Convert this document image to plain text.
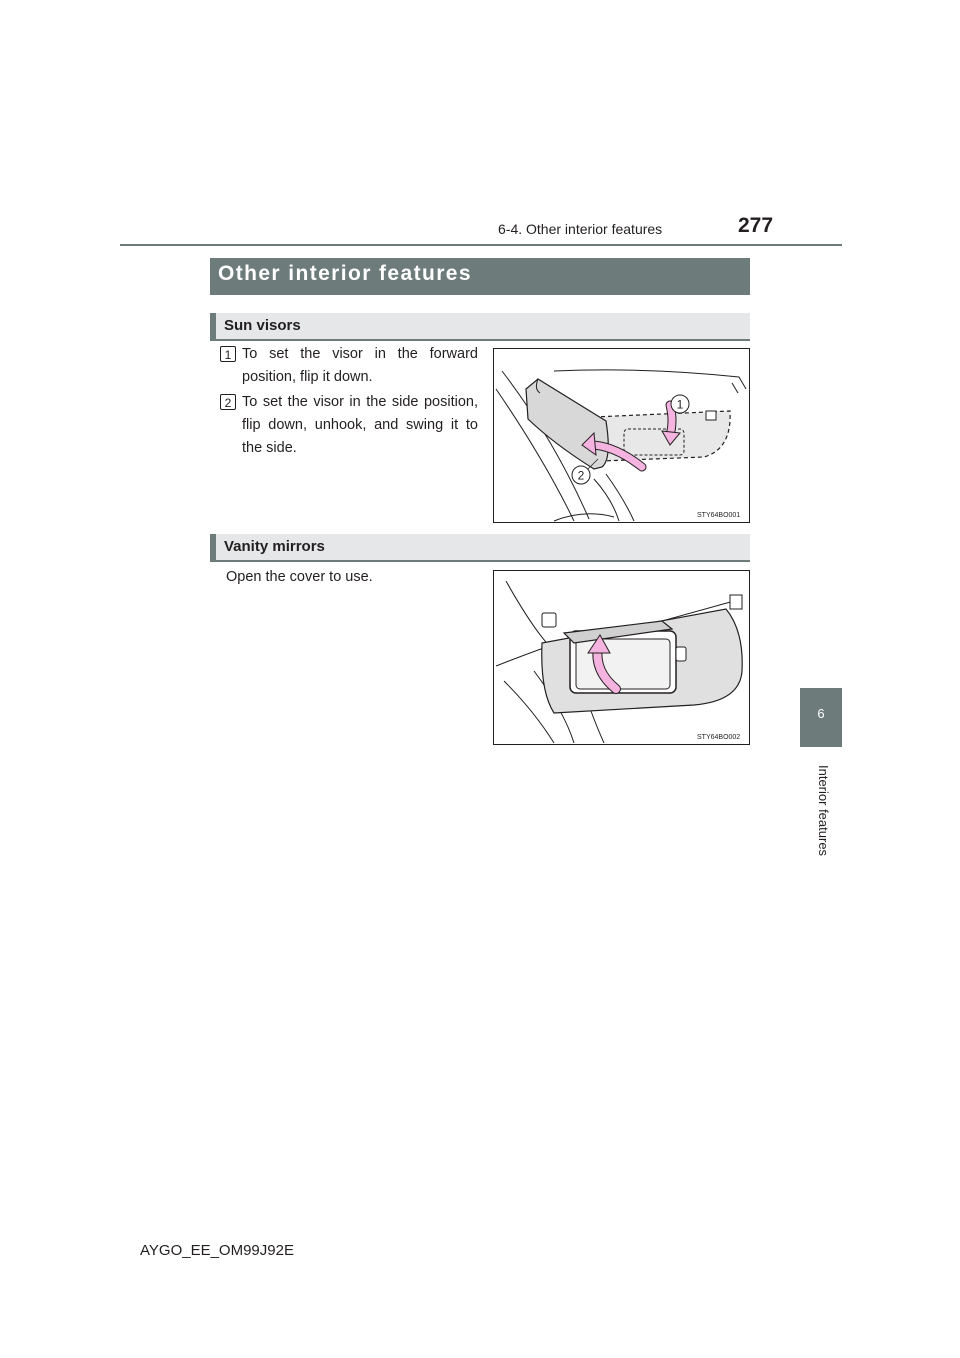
6-4. Other interior features	277
6
Interior features
Other interior features
Sun visors
1 To set the visor in the forward position, flip it down.
2 To set the visor in the side position, flip down, unhook, and swing it to the side.
1
2
STY64BO001
Vanity mirrors
Open the cover to use.
STY64BO002
AYGO_EE_OM99J92E
